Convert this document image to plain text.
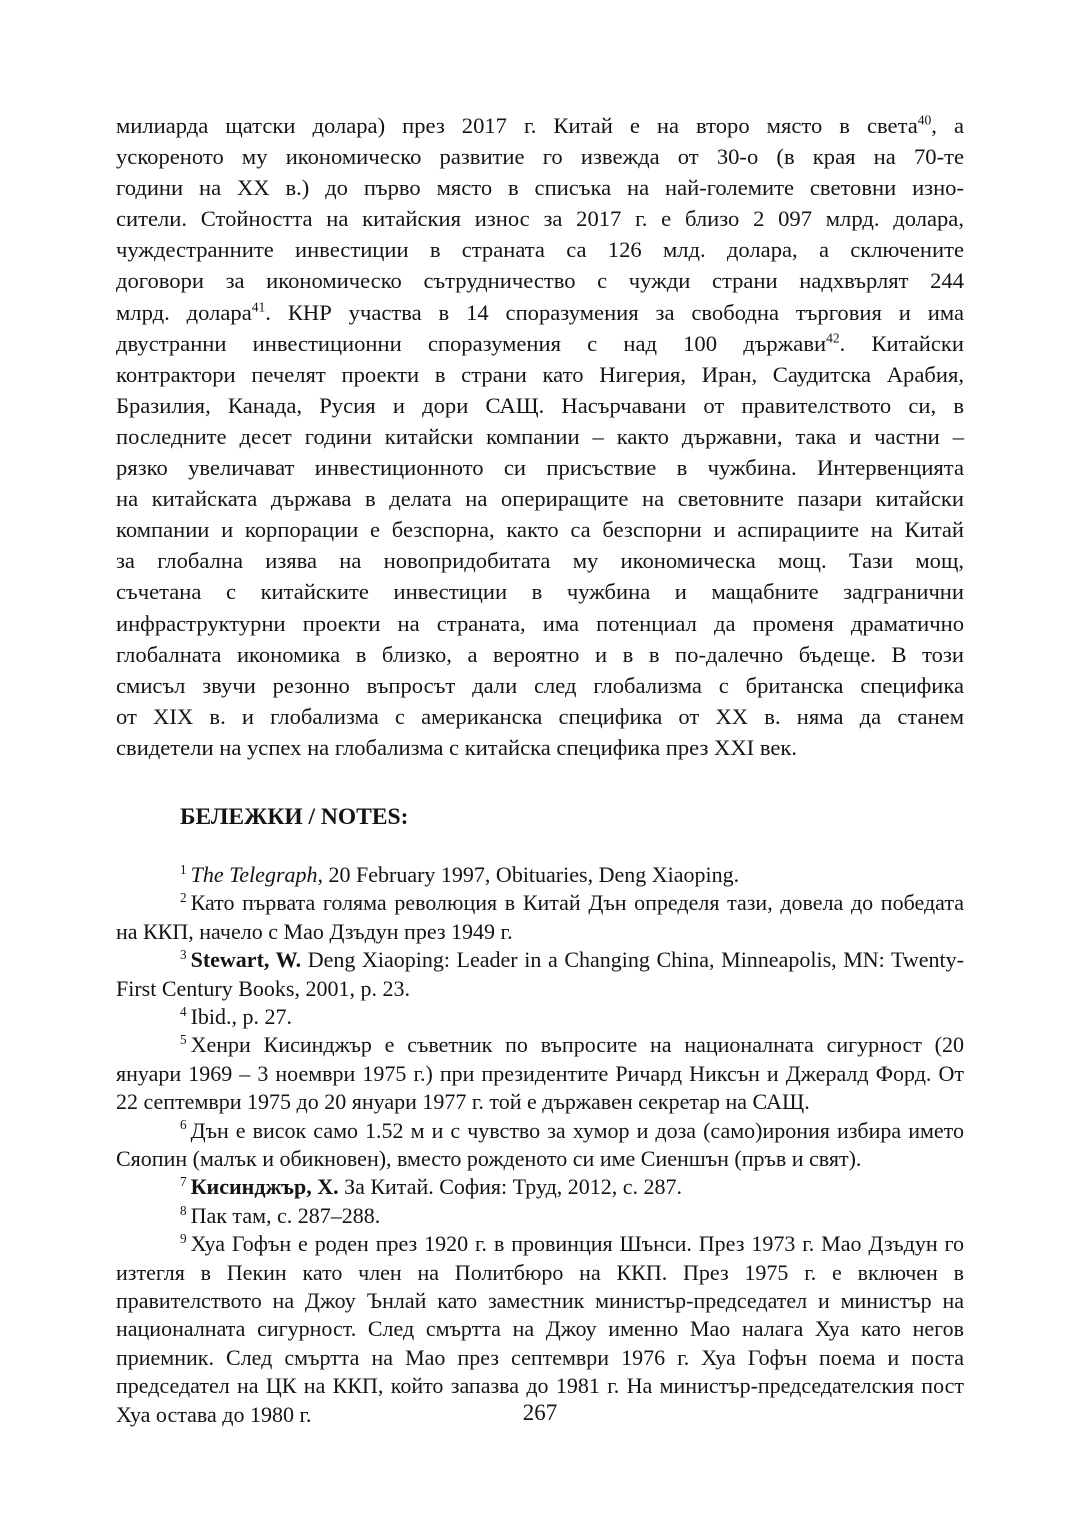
милиарда щатски долара) през 2017 г. Китай е на второ място в света$^{40}$, а
ускореното му икономическо развитие го извежда от 30-о (в края на 70-те
години на ХХ в.) до първо място в списъка на най-големите световни изно-
сители. Стойността на китайския износ за 2017 г. е близо 2 097 млрд. долара,
чуждестранните инвестиции в страната са 126 млд. долара, а сключените
договори за икономическо сътрудничество с чужди страни надхвърлят 244
млрд. долара$^{41}$. КНР участва в 14 споразумения за свободна търговия и има
двустранни инвестиционни споразумения с над 100 държави$^{42}$. Китайски
контрактори печелят проекти в страни като Нигерия, Иран, Саудитска Арабия,
Бразилия, Канада, Русия и дори САЩ. Насърчавани от правителството си, в
последните десет години китайски компании – както държавни, така и частни –
рязко увеличават инвестиционното си присъствие в чужбина. Интервенцията
на китайската държава в делата на опериращите на световните пазари китайски
компании и корпорации е безспорна, както са безспорни и аспирациите на Китай
за глобална изява на новопридобитата му икономическа мощ. Тази мощ,
съчетана с китайските инвестиции в чужбина и мащабните задгранични
инфраструктурни проекти на страната, има потенциал да променя драматично
глобалната икономика в близко, а вероятно и в в по-далечно бъдеще. В този
смисъл звучи резонно въпросът дали след глобализма с британска специфика
от XIX в. и глобализма с американска специфика от XX в. няма да станем
свидетели на успех на глобализма с китайска специфика през XXI век.
БЕЛЕЖКИ / NOTES:

$^1$ The Telegraph, 20 February 1997, Obituaries, Deng Xiaoping.

$^2$ Като първата голяма революция в Китай Дън определя тази, довела до победата на ККП, начело с Мао Дзъдун през 1949 г.

$^3$ Stewart, W. Deng Xiaoping: Leader in a Changing China, Minneapolis, MN: Twenty-First Century Books, 2001, p. 23.

$^4$ Ibid., p. 27.

$^5$ Хенри Кисинджър е съветник по въпросите на националната сигурност (20 януари 1969 – 3 ноември 1975 г.) при президентите Ричард Никсън и Джералд Форд. От 22 септември 1975 до 20 януари 1977 г. той е държавен секретар на САЩ.

$^6$ Дън е висок само 1.52 м и с чувство за хумор и доза (само)ирония избира името Сяопин (малък и обикновен), вместо рожденото си име Сиеншън (пръв и свят).

$^7$ Кисинджър, Х. За Китай. София: Труд, 2012, с. 287.

$^8$ Пак там, с. 287–288.

$^9$ Хуа Гофън е роден през 1920 г. в провинция Шънси. През 1973 г. Мао Дзъдун го изтегля в Пекин като член на Политбюро на ККП. През 1975 г. е включен в правителството на Джоу Ънлай като заместник министър-председател и министър на националната сигурност. След смъртта на Джоу именно Мао налага Хуа като негов приемник. След смъртта на Мао през септември 1976 г. Хуа Гофън поема и поста председател на ЦК на ККП, който запазва до 1981 г. На министър-председателския пост Хуа остава до 1980 г.	267
